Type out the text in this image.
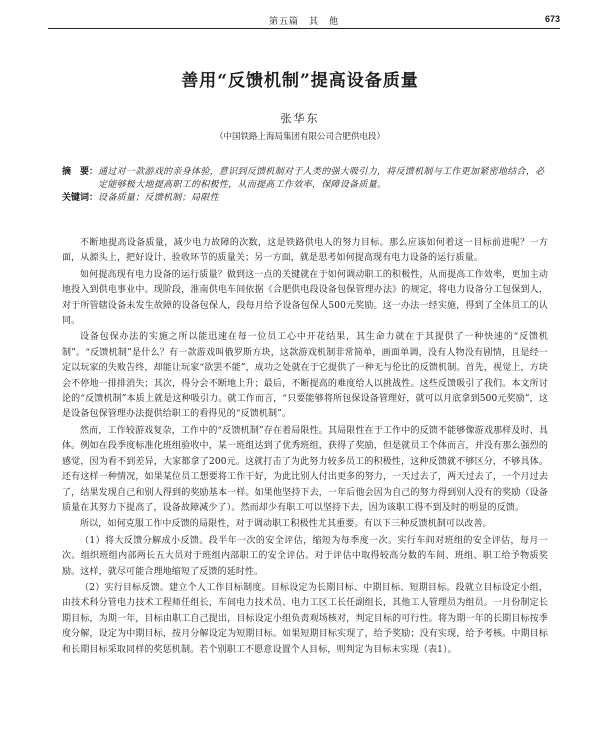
第五篇　其　他	673
善用“反馈机制”提高设备质量
张华东
（中国铁路上海局集团有限公司合肥供电段）
摘　要： 通过对一款游戏的亲身体验，意识到反馈机制对于人类的强大吸引力，将反馈机制与工作更加紧密地结合，必定能够极大地提高职工的积极性，从而提高工作效率，保障设备质量。
关键词： 设备质量；反馈机制；局限性

不断地提高设备质量，减少电力故障的次数，这是铁路供电人的努力目标。那么应该如何着这一目标前进呢？一方面，从源头上，把好设计、验收环节的质量关；另一方面，就是思考如何提高现有电力设备的运行质量。

如何提高现有电力设备的运行质量？做到这一点的关键就在于如何调动职工的积极性，从而提高工作效率，更加主动地投入到供电事业中。现阶段，淮南供电车间依据《合肥供电段设备包保管理办法》的规定，将电力设备分工包保到人，对于所管辖设备未发生故障的设备包保人，段每月给予设备包保人500元奖励。这一办法一经实施，得到了全体员工的认同。

设备包保办法的实施之所以能迅速在每一位员工心中开花结果，其生命力就在于其提供了一种快速的“反馈机制”。“反馈机制”是什么？有一款游戏叫俄罗斯方块，这款游戏机制非常简单，画面单调，没有人物没有剧情，且是经一定以玩家的失败告终，却能让玩家“欲罢不能”，成功之处就在于它提供了一种无与伦比的反馈机制。首先，视觉上，方块会不停地一排排消失；其次，得分会不断地上升；最后，不断提高的难度给人以挑战性。这些反馈吸引了我们。本文所讨论的“反馈机制”本质上就是这种吸引力。就工作而言，“只要能够将所包保设备管理好，就可以月底拿到500元奖励”，这是设备包保管理办法提供给职工的看得见的“反馈机制”。

然而，工作较游戏复杂，工作中的“反馈机制”存在着局限性。其局限性在于工作中的反馈不能够像游戏那样及时、具体。例如在段季度标准化班组验收中，某一班组达到了优秀班组，获得了奖励，但是就员工个体而言，并没有那么强烈的感觉，因为看不到差异，大家都拿了200元。这就打击了为此努力较多员工的积极性，这种反馈就不够区分，不够具体。还有这样一种情况，如果某位员工想要将工作干好，为此比别人付出更多的努力，一天过去了，两天过去了，一个月过去了，结果发现自己和别人得到的奖励基本一样。如果他坚持下去，一年后他会因为自己的努力得到别人没有的奖励（设备质量在其努力下提高了，设备故障减少了）。然而却少有职工可以坚持下去，因为该职工得不到及时的明显的反馈。

所以，如何克服工作中反馈的局限性，对于调动职工积极性尤其重要。有以下三种反馈机制可以改善。

（1）将大反馈分解成小反馈。段半年一次的安全评估，缩短为每季度一次。实行车间对班组的安全评估，每月一次。组织班组内部两长五大员对于班组内部职工的安全评估。对于评估中取得较高分数的车间、班组、职工给予物质奖励。这样，就尽可能合理地缩短了反馈的延时性。

（2）实行目标反馈。建立个人工作目标制度。目标设定为长期目标、中期目标、短期目标。段就立目标设定小组，由技术科分管电力技术工程师任组长，车间电力技术员、电力工区工长任副组长，其他工人管理员为组员。一月份制定长期目标，为期一年，目标由职工自己提出，目标设定小组负责观场核对，判定目标的可行性。将为期一年的长期目标按季度分解，设定为中期目标，按月分解设定为短期目标。如果短期目标实现了，给予奖励；没有实现，给予考核。中期目标和长期目标采取同样的奖惩机制。若个别职工不愿意设置个人目标，则判定为目标未实现（表1）。
